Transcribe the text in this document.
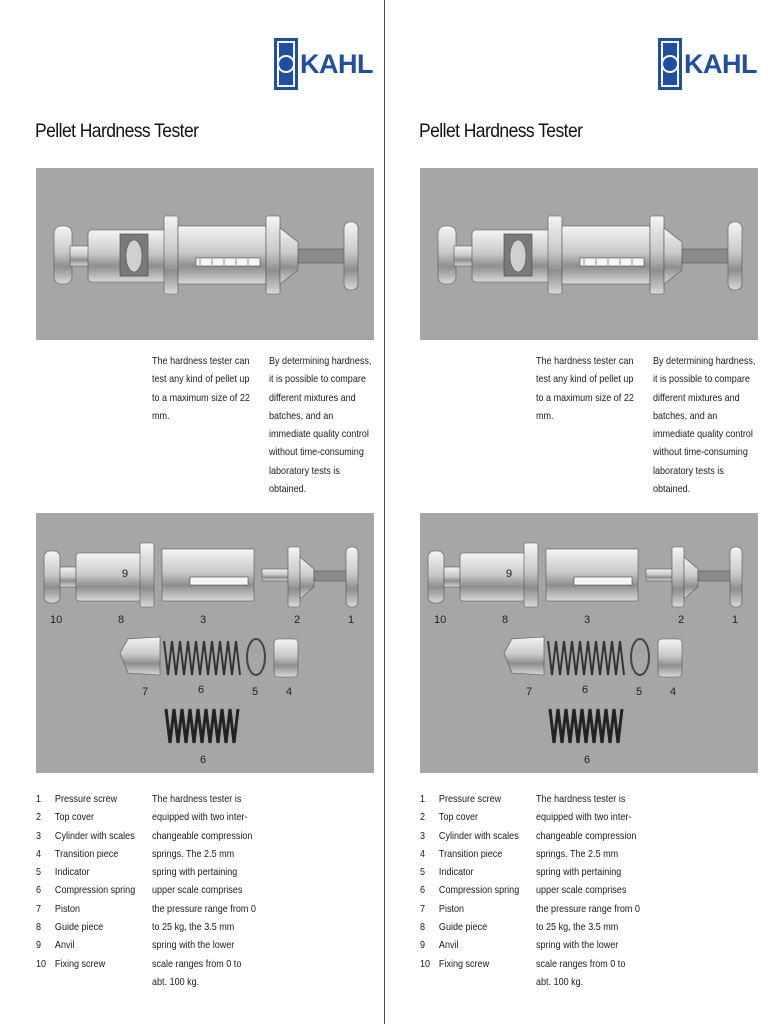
KAHL
Pellet Hardness Tester
The hardness tester can test any kind of pellet up to a maximum size of 22 mm.
By determining hardness, it is possible to compare different mixtures and batches, and an immediate quality control without time-consuming laboratory tests is obtained.
10	8
9
3	2	1
7	6	5	4
6
1	Pressure screw
2	Top cover
3	Cylinder with scales
4	Transition piece
5	Indicator
6	Compression spring
7	Piston
8	Guide piece
9	Anvil
10 Fixing screw
The hardness tester is equipped with two inter-changeable compression springs. The 2.5 mm spring with pertaining upper scale comprises the pressure range from 0 to 25 kg, the 3.5 mm spring with the lower scale ranges from 0 to abt. 100 kg.
KAHL
Pellet Hardness Tester
The hardness tester can test any kind of pellet up to a maximum size of 22 mm.
By determining hardness, it is possible to compare different mixtures and batches, and an immediate quality control without time-consuming laboratory tests is obtained.
10	8
9
3	2	1
7	6	5	4
6
1	Pressure screw
2	Top cover
3	Cylinder with scales
4	Transition piece
5	Indicator
6	Compression spring
7	Piston
8	Guide piece
9	Anvil
10 Fixing screw
The hardness tester is equipped with two inter-changeable compression springs. The 2.5 mm spring with pertaining upper scale comprises the pressure range from 0 to 25 kg, the 3.5 mm spring with the lower scale ranges from 0 to abt. 100 kg.
